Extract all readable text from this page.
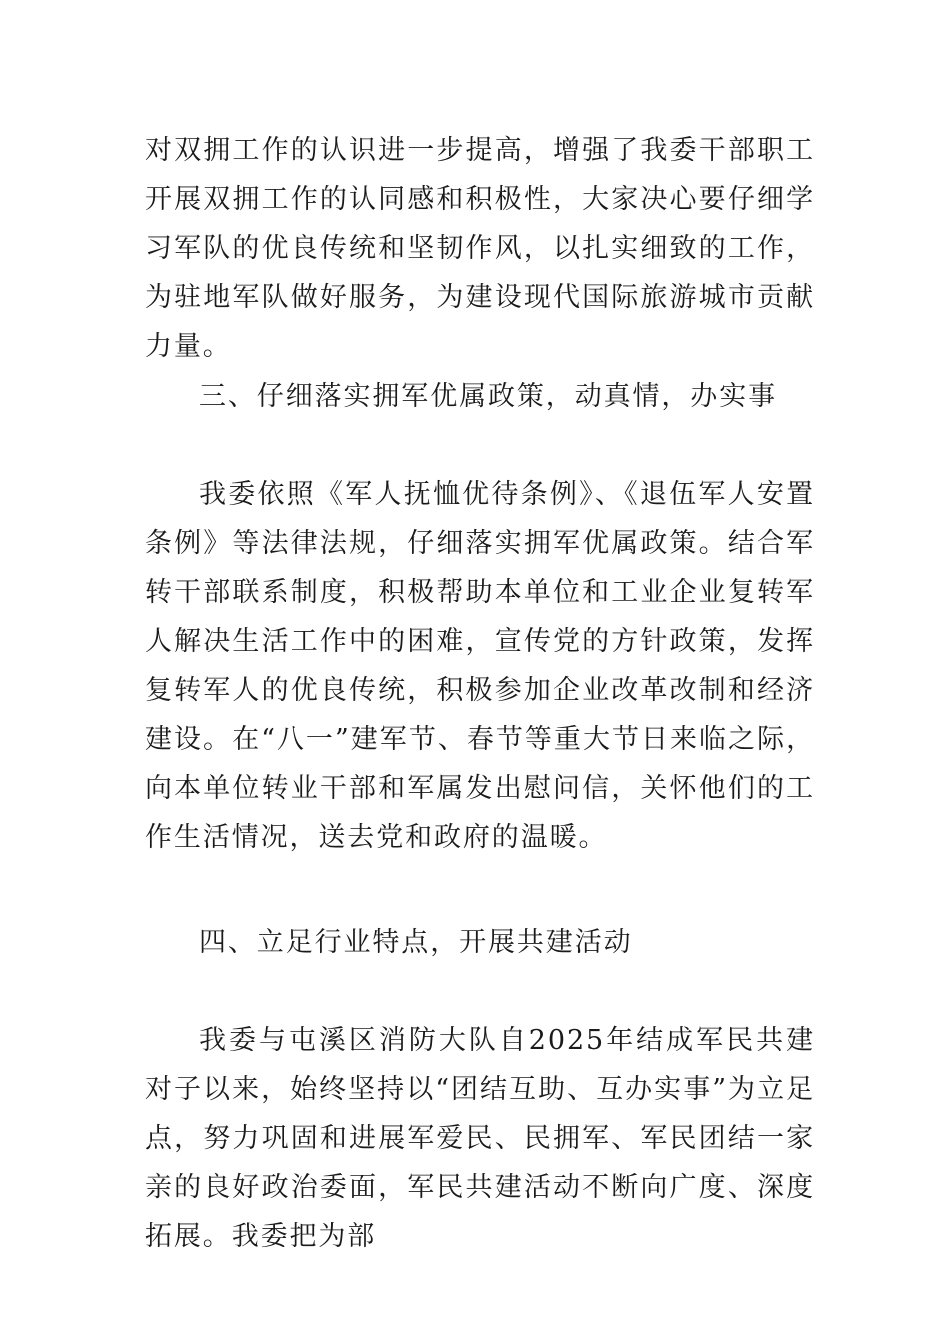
对双拥工作的认识进一步提高，增强了我委干部职工开展双拥工作的认同感和积极性，大家决心要仔细学习军队的优良传统和坚韧作风，以扎实细致的工作，为驻地军队做好服务，为建设现代国际旅游城市贡献力量。

三、仔细落实拥军优属政策，动真情，办实事

我委依照《军人抚恤优待条例》、《退伍军人安置条例》等法律法规，仔细落实拥军优属政策。结合军转干部联系制度，积极帮助本单位和工业企业复转军人解决生活工作中的困难，宣传党的方针政策，发挥复转军人的优良传统，积极参加企业改革改制和经济建设。在“八一”建军节、春节等重大节日来临之际，向本单位转业干部和军属发出慰问信，关怀他们的工作生活情况，送去党和政府的温暖。

四、立足行业特点，开展共建活动

我委与屯溪区消防大队自2025年结成军民共建对子以来，始终坚持以“团结互助、互办实事”为立足点，努力巩固和进展军爱民、民拥军、军民团结一家亲的良好政治委面，军民共建活动不断向广度、深度拓展。我委把为部
